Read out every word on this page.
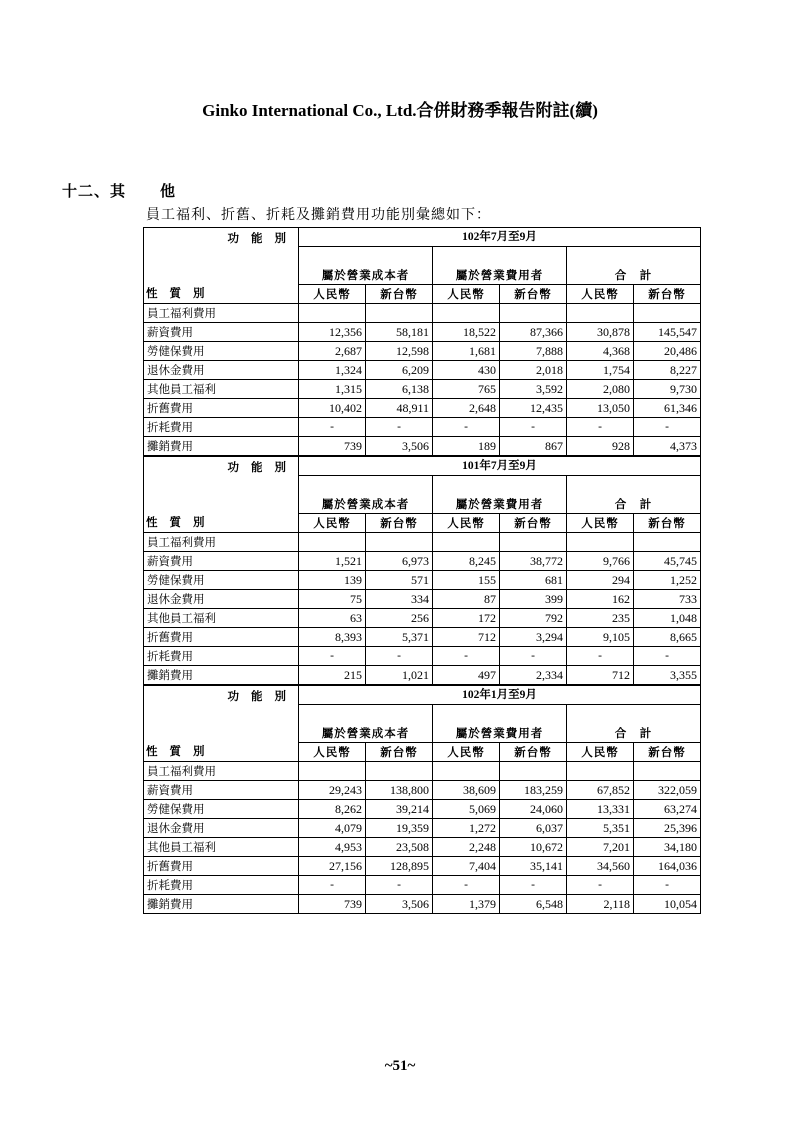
Ginko International Co., Ltd.合併財務季報告附註(續)
十二、其 他
員工福利、折舊、折耗及攤銷費用功能別彙總如下：
功 能 別
性 質 別	102年7月至9月					
	屬於營業成本者		屬於營業費用者		合　計	
	人民幣	新台幣	人民幣	新台幣	人民幣	新台幣
員工福利費用						
薪資費用	12,356	58,181	18,522	87,366	30,878	145,547
勞健保費用	2,687	12,598	1,681	7,888	4,368	20,486
退休金費用	1,324	6,209	430	2,018	1,754	8,227
其他員工福利	1,315	6,138	765	3,592	2,080	9,730
折舊費用	10,402	48,911	2,648	12,435	13,050	61,346
折耗費用	-	-	-	-	-	-
攤銷費用	739	3,506	189	867	928	4,373
功 能 別
性 質 別	101年7月至9月					
	屬於營業成本者		屬於營業費用者		合　計	
	人民幣	新台幣	人民幣	新台幣	人民幣	新台幣
員工福利費用						
薪資費用	1,521	6,973	8,245	38,772	9,766	45,745
勞健保費用	139	571	155	681	294	1,252
退休金費用	75	334	87	399	162	733
其他員工福利	63	256	172	792	235	1,048
折舊費用	8,393	5,371	712	3,294	9,105	8,665
折耗費用	-	-	-	-	-	-
攤銷費用	215	1,021	497	2,334	712	3,355
功 能 別
性 質 別	102年1月至9月					
	屬於營業成本者		屬於營業費用者		合　計	
	人民幣	新台幣	人民幣	新台幣	人民幣	新台幣
員工福利費用						
薪資費用	29,243	138,800	38,609	183,259	67,852	322,059
勞健保費用	8,262	39,214	5,069	24,060	13,331	63,274
退休金費用	4,079	19,359	1,272	6,037	5,351	25,396
其他員工福利	4,953	23,508	2,248	10,672	7,201	34,180
折舊費用	27,156	128,895	7,404	35,141	34,560	164,036
折耗費用	-	-	-	-	-	-
攤銷費用	739	3,506	1,379	6,548	2,118	10,054
~51~
